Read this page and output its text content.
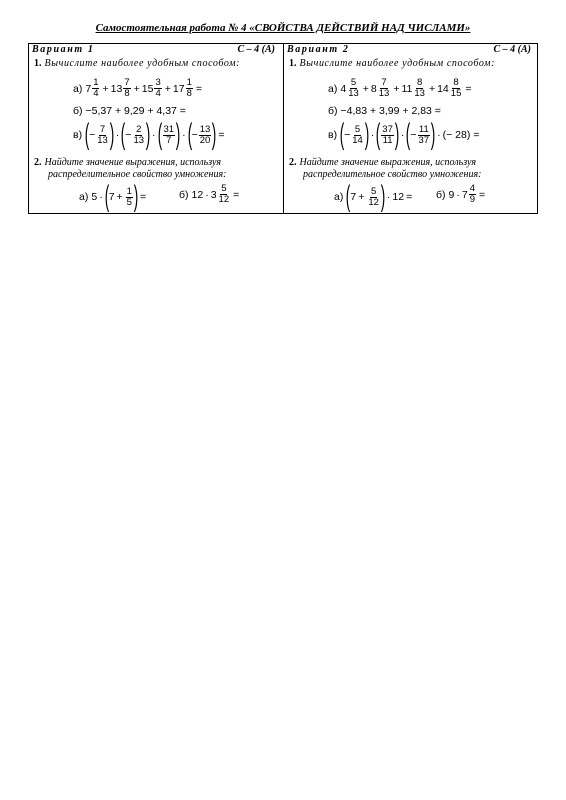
Самостоятельная работа № 4 «СВОЙСТВА ДЕЙСТВИЙ НАД ЧИСЛАМИ»
Вариант 1	С – 4 (А)
1. Вычислите наиболее удобным способом:
а) $7 \frac{1}{4} + 13 \frac{7}{8} + 15 \frac{3}{4} + 17 \frac{1}{8}$ =
б) −5,37 + 9,29 + 4,37 =
в) ( − $\frac{7}{13}$ ) · ( − $\frac{2}{13}$ ) · ( $\frac{31}{7}$ ) · ( − $\frac{13}{20}$ ) =
2. Найдите значение выражения, используя
распределительное свойство умножения:
а) 5 · ( $7 + \frac{1}{5}$ ) =	б) $12 \cdot 3 \frac{5}{12}$ =
Вариант 2	С – 4 (А)
1. Вычислите наиболее удобным способом:
а) $4 \frac{5}{13} + 8 \frac{7}{13} + 11 \frac{8}{13} + 14 \frac{8}{15}$ =
б) −4,83 + 3,99 + 2,83 =
в) ( − $\frac{5}{14}$ ) · ( $\frac{37}{11}$ ) · ( − $\frac{11}{37}$ ) · (− 28) =
2. Найдите значение выражения, используя
распределительное свойство умножения:
а) ( $7 + \frac{5}{12}$ ) · 12 = б) $9 \cdot 7 \frac{4}{9}$ =
